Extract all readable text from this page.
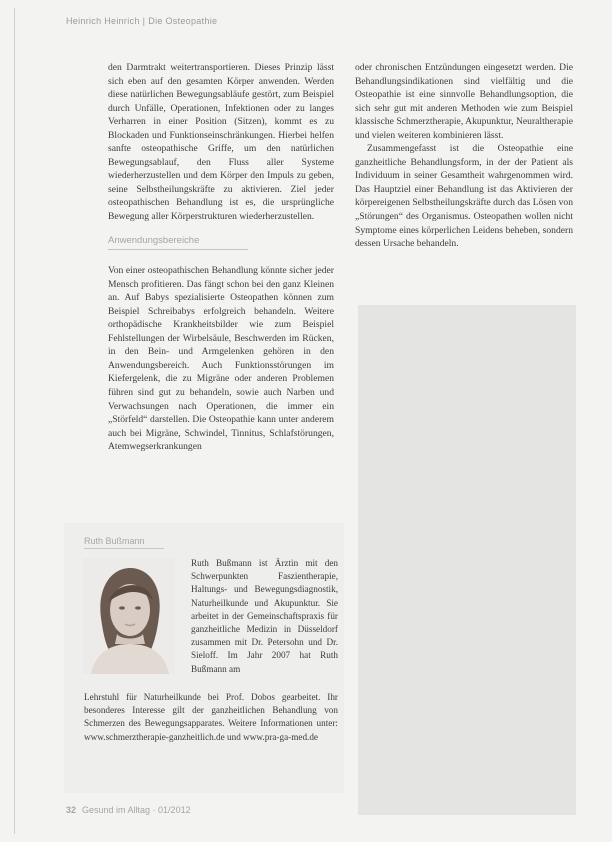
Heinrich Heinrich | Die Osteopathie

den Darmtrakt weitertransportieren. Dieses Prinzip lässt sich eben auf den gesamten Körper anwenden. Werden diese natürlichen Bewegungsabläufe gestört, zum Beispiel durch Unfälle, Operationen, Infektionen oder zu langes Verharren in einer Position (Sitzen), kommt es zu Blockaden und Funktionseinschränkungen. Hierbei helfen sanfte osteopathische Griffe, um den natürlichen Bewegungsablauf, den Fluss aller Systeme wiederherzustellen und dem Körper den Impuls zu geben, seine Selbstheilungskräfte zu aktivieren. Ziel jeder osteopathischen Behandlung ist es, die ursprüngliche Bewegung aller Körperstrukturen wiederherzustellen.

Anwendungsbereiche

Von einer osteopathischen Behandlung könnte sicher jeder Mensch profitieren. Das fängt schon bei den ganz Kleinen an. Auf Babys spezialisierte Osteopathen können zum Beispiel Schreibabys erfolgreich behandeln. Weitere orthopädische Krankheitsbilder wie zum Beispiel Fehlstellungen der Wirbelsäule, Beschwerden im Rücken, in den Bein- und Armgelenken gehören in den Anwendungsbereich. Auch Funktionsstörungen im Kiefergelenk, die zu Migräne oder anderen Problemen führen sind gut zu behandeln, sowie auch Narben und Verwachsungen nach Operationen, die immer ein „Störfeld“ darstellen. Die Osteopathie kann unter anderem auch bei Migräne, Schwindel, Tinnitus, Schlafstörungen, Atemwegserkrankungen

oder chronischen Entzündungen eingesetzt werden. Die Behandlungsindikationen sind vielfältig und die Osteopathie ist eine sinnvolle Behandlungsoption, die sich sehr gut mit anderen Methoden wie zum Beispiel klassische Schmerztherapie, Akupunktur, Neuraltherapie und vielen weiteren kombinieren lässt.

Zusammengefasst ist die Osteopathie eine ganzheitliche Behandlungsform, in der der Patient als Individuum in seiner Gesamtheit wahrgenommen wird. Das Hauptziel einer Behandlung ist das Aktivieren der körpereigenen Selbstheilungskräfte durch das Lösen von „Störungen“ des Organismus. Osteopathen wollen nicht Symptome eines körperlichen Leidens beheben, sondern dessen Ursache behandeln.

Ruth Bußmann

Ruth Bußmann ist Ärztin mit den Schwerpunkten Faszientherapie, Haltungs- und Bewegungsdiagnostik, Naturheilkunde und Akupunktur. Sie arbeitet in der Gemeinschaftspraxis für ganzheitliche Medizin in Düsseldorf zusammen mit Dr. Petersohn und Dr. Sieloff. Im Jahr 2007 hat Ruth Bußmann am

Lehrstuhl für Naturheilkunde bei Prof. Dobos gearbeitet. Ihr besonderes Interesse gilt der ganzheitlichen Behandlung von Schmerzen des Bewegungsapparates. Weitere Informationen unter: www.schmerztherapie-ganzheitlich.de und www.pra-ga-med.de

32 Gesund im Alltag · 01/2012
